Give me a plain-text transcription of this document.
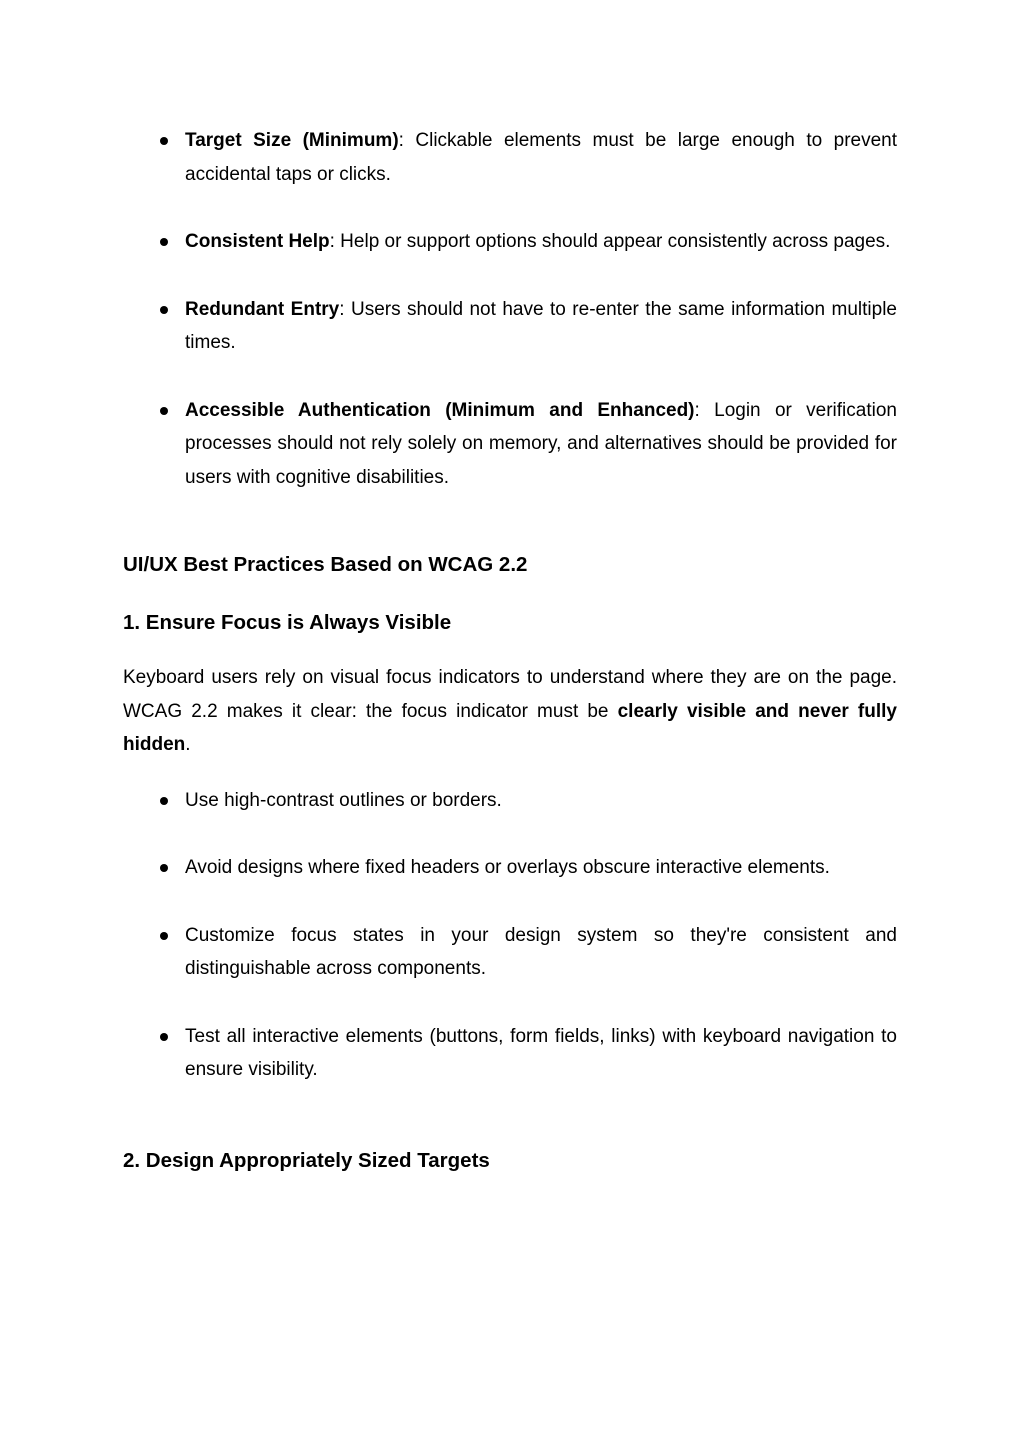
Target Size (Minimum): Clickable elements must be large enough to prevent accidental taps or clicks.
Consistent Help: Help or support options should appear consistently across pages.
Redundant Entry: Users should not have to re-enter the same information multiple times.
Accessible Authentication (Minimum and Enhanced): Login or verification processes should not rely solely on memory, and alternatives should be provided for users with cognitive disabilities.
UI/UX Best Practices Based on WCAG 2.2
1. Ensure Focus is Always Visible

Keyboard users rely on visual focus indicators to understand where they are on the page. WCAG 2.2 makes it clear: the focus indicator must be clearly visible and never fully hidden.

Use high-contrast outlines or borders.
Avoid designs where fixed headers or overlays obscure interactive elements.
Customize focus states in your design system so they're consistent and distinguishable across components.
Test all interactive elements (buttons, form fields, links) with keyboard navigation to ensure visibility.
2. Design Appropriately Sized Targets
